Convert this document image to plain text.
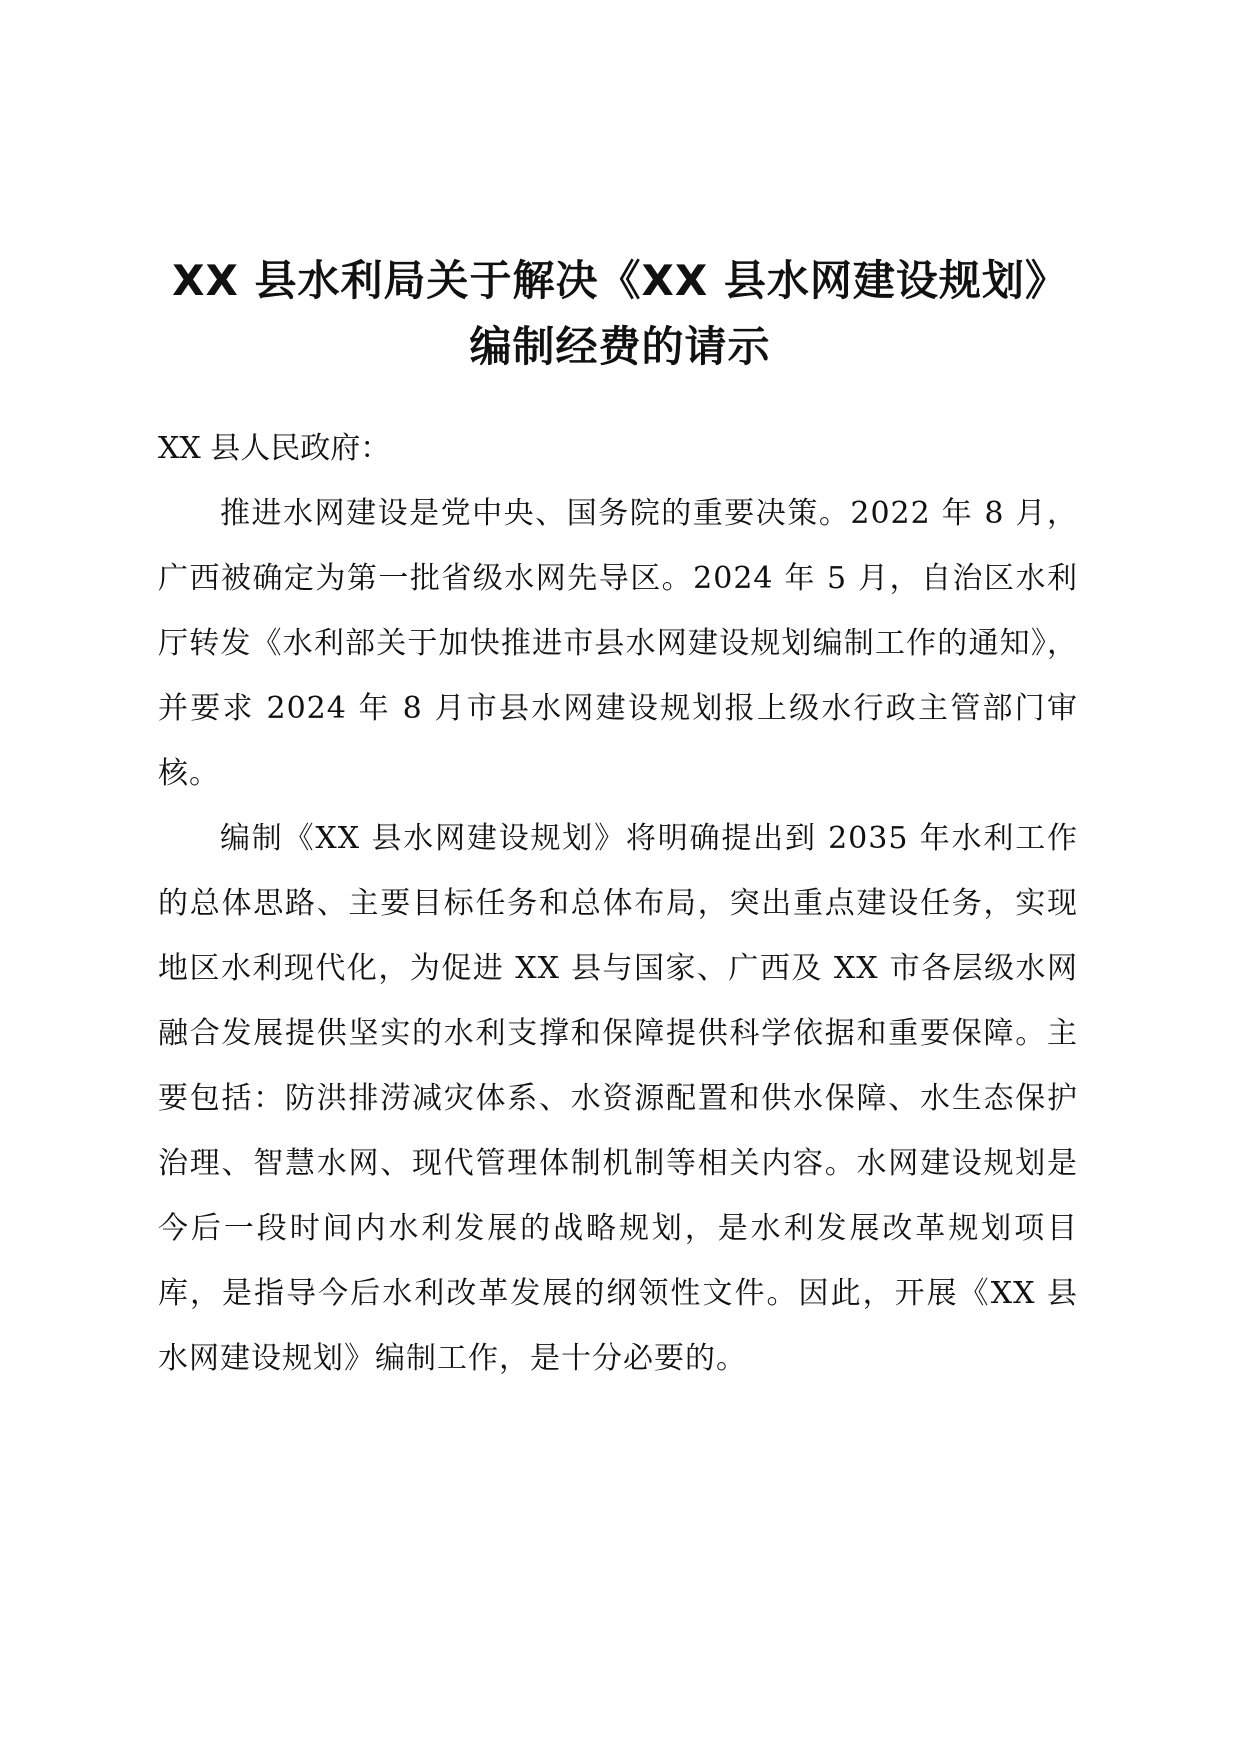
XX 县水利局关于解决《XX 县水网建设规划》
编制经费的请示

XX 县人民政府：

推进水网建设是党中央、国务院的重要决策。2022 年 8 月，广西被确定为第一批省级水网先导区。2024 年 5 月，自治区水利厅转发《水利部关于加快推进市县水网建设规划编制工作的通知》，并要求 2024 年 8 月市县水网建设规划报上级水行政主管部门审核。

编制《XX 县水网建设规划》将明确提出到 2035 年水利工作的总体思路、主要目标任务和总体布局，突出重点建设任务，实现地区水利现代化，为促进 XX 县与国家、广西及 XX 市各层级水网融合发展提供坚实的水利支撑和保障提供科学依据和重要保障。主要包括：防洪排涝减灾体系、水资源配置和供水保障、水生态保护治理、智慧水网、现代管理体制机制等相关内容。水网建设规划是今后一段时间内水利发展的战略规划，是水利发展改革规划项目库，是指导今后水利改革发展的纲领性文件。因此，开展《XX 县水网建设规划》编制工作，是十分必要的。
